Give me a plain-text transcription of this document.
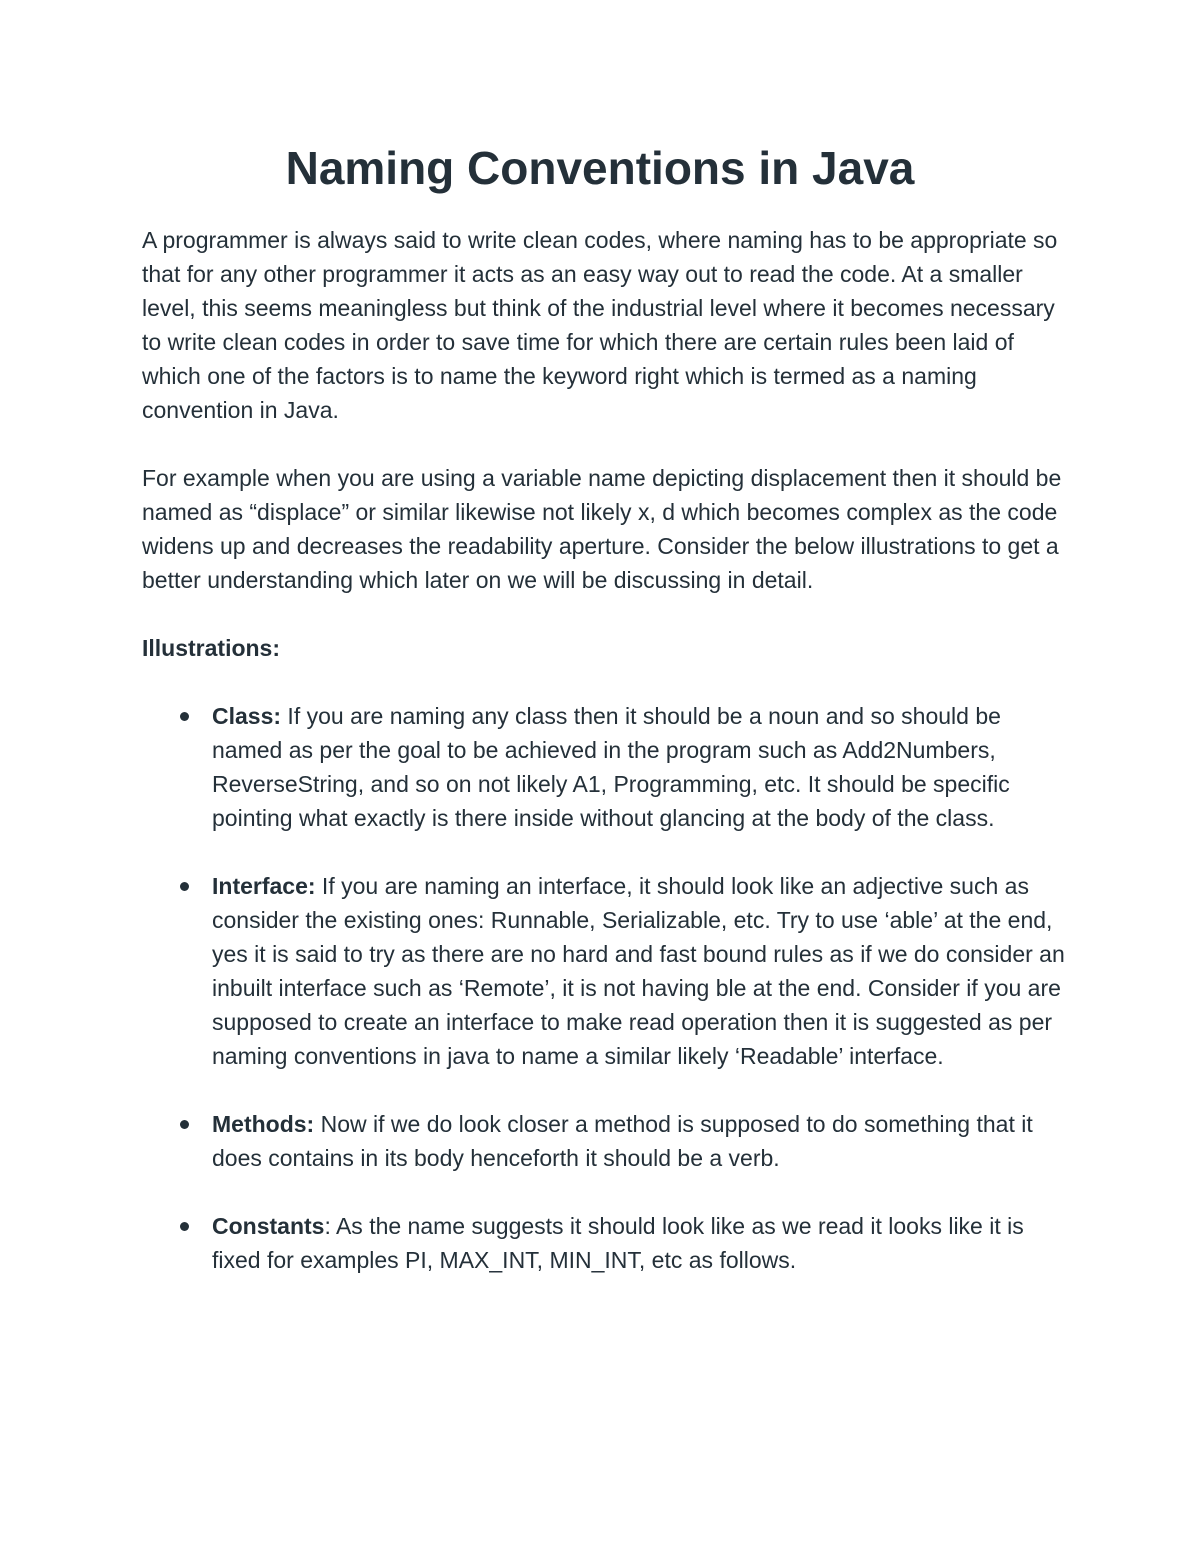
Naming Conventions in Java

A programmer is always said to write clean codes, where naming has to be appropriate so that for any other programmer it acts as an easy way out to read the code. At a smaller level, this seems meaningless but think of the industrial level where it becomes necessary to write clean codes in order to save time for which there are certain rules been laid of which one of the factors is to name the keyword right which is termed as a naming convention in Java.

For example when you are using a variable name depicting displacement then it should be named as “displace” or similar likewise not likely x, d which becomes complex as the code widens up and decreases the readability aperture. Consider the below illustrations to get a better understanding which later on we will be discussing in detail.

Illustrations:
Class: If you are naming any class then it should be a noun and so should be named as per the goal to be achieved in the program such as Add2Numbers, ReverseString, and so on not likely A1, Programming, etc. It should be specific pointing what exactly is there inside without glancing at the body of the class.
Interface: If you are naming an interface, it should look like an adjective such as consider the existing ones: Runnable, Serializable, etc. Try to use ‘able’ at the end, yes it is said to try as there are no hard and fast bound rules as if we do consider an inbuilt interface such as ‘Remote’, it is not having ble at the end. Consider if you are supposed to create an interface to make read operation then it is suggested as per naming conventions in java to name a similar likely ‘Readable’ interface.
Methods: Now if we do look closer a method is supposed to do something that it does contains in its body henceforth it should be a verb.
Constants: As the name suggests it should look like as we read it looks like it is fixed for examples PI, MAX_INT, MIN_INT, etc as follows.
